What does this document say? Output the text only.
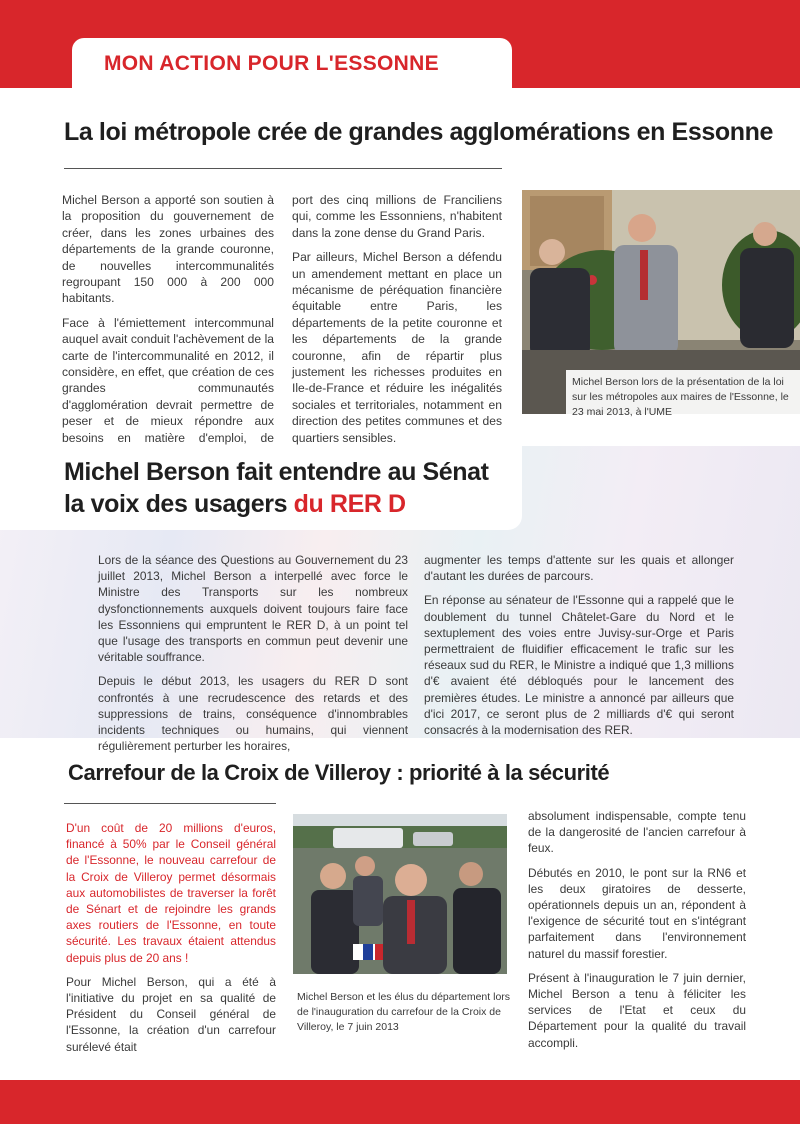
MON ACTION POUR L'ESSONNE
La loi métropole crée de grandes agglomérations en Essonne

Michel Berson a apporté son soutien à la proposition du gouvernement de créer, dans les zones urbaines des départements de la grande couronne, de nouvelles intercommunalités regroupant 150 000 à 200 000 habitants.

Face à l'émiettement intercommunal auquel avait conduit l'achèvement de la carte de l'intercommunalité en 2012, il considère, en effet, que création de ces grandes communautés d'agglomération devrait permettre de peser et de mieux répondre aux besoins en matière d'emploi, de

port des cinq millions de Franciliens qui, comme les Essonniens, n'habitent dans la zone dense du Grand Paris.

Par ailleurs, Michel Berson a défendu un amendement mettant en place un mécanisme de péréquation financière équitable entre Paris, les départements de la petite couronne et les départements de la grande couronne, afin de répartir plus justement les richesses produites en Ile-de-France et réduire les inégalités sociales et territoriales, notamment en direction des petites communes et des quartiers sensibles.

Michel Berson lors de la présentation de la loi sur les métropoles aux maires de l'Essonne, le 23 mai 2013, à l'UME
Michel Berson fait entendre au Sénat
la voix des usagers du RER D

Lors de la séance des Questions au Gouvernement du 23 juillet 2013, Michel Berson a interpellé avec force le Ministre des Transports sur les nombreux dysfonctionnements auxquels doivent toujours faire face les Essonniens qui empruntent le RER D, à un point tel que l'usage des transports en commun peut devenir une véritable souffrance.

Depuis le début 2013, les usagers du RER D sont confrontés à une recrudescence des retards et des suppressions de trains, conséquence d'innombrables incidents techniques ou humains, qui viennent régulièrement perturber les horaires,

augmenter les temps d'attente sur les quais et allonger d'autant les durées de parcours.

En réponse au sénateur de l'Essonne qui a rappelé que le doublement du tunnel Châtelet-Gare du Nord et le sextuplement des voies entre Juvisy-sur-Orge et Paris permettraient de fluidifier efficacement le trafic sur les réseaux sud du RER, le Ministre a indiqué que 1,3 millions d'€ avaient été débloqués pour le lancement des premières études. Le ministre a annoncé par ailleurs que d'ici 2017, ce seront plus de 2 milliards d'€ qui seront consacrés à la modernisation des RER.

Carrefour de la Croix de Villeroy : priorité à la sécurité

D'un coût de 20 millions d'euros, financé à 50% par le Conseil général de l'Essonne, le nouveau carrefour de la Croix de Villeroy permet désormais aux automobilistes de traverser la forêt de Sénart et de rejoindre les grands axes routiers de l'Essonne, en toute sécurité. Les travaux étaient attendus depuis plus de 20 ans !

Pour Michel Berson, qui a été à l'initiative du projet en sa qualité de Président du Conseil général de l'Essonne, la création d'un carrefour surélevé était

Michel Berson et les élus du département lors de l'inauguration du carrefour de la Croix de Villeroy, le 7 juin 2013

absolument indispensable, compte tenu de la dangerosité de l'ancien carrefour à feux.

Débutés en 2010, le pont sur la RN6 et les deux giratoires de desserte, opérationnels depuis un an, répondent à l'exigence de sécurité tout en s'intégrant parfaitement dans l'environnement naturel du massif forestier.

Présent à l'inauguration le 7 juin dernier, Michel Berson a tenu à féliciter les services de l'Etat et ceux du Département pour la qualité du travail accompli.
